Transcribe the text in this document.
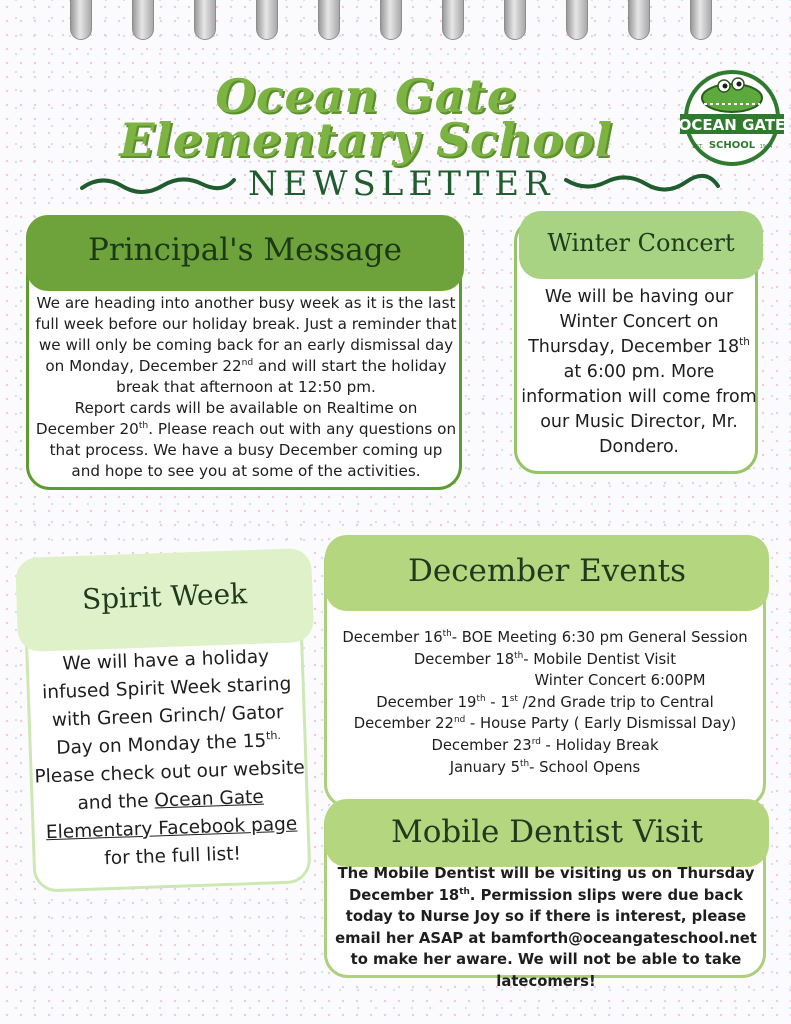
Ocean Gate Elementary School
NEWSLETTER
OCEAN GATE
SCHOOL
EST.	1964
Principal's Message
We are heading into another busy week as it is the last full week before our holiday break. Just a reminder that we will only be coming back for an early dismissal day on Monday, December 22nd and will start the holiday break that afternoon at 12:50 pm.
Report cards will be available on Realtime on December 20th. Please reach out with any questions on that process. We have a busy December coming up and hope to see you at some of the activities.
Winter Concert
We will be having our Winter Concert on Thursday, December 18th at 6:00 pm. More information will come from our Music Director, Mr. Dondero.
Spirit Week
We will have a holiday infused Spirit Week staring with Green Grinch/ Gator Day on Monday the $15^{th.}$ Please check out our website and the Ocean Gate Elementary Facebook page for the full list!
December Events
December 16th- BOE Meeting 6:30 pm General Session
December 18th- Mobile Dentist Visit
Winter Concert 6:00PM
December 19th - 1st /2nd Grade trip to Central
December 22nd - House Party ( Early Dismissal Day)
December 23rd - Holiday Break
January 5th- School Opens
Mobile Dentist Visit
The Mobile Dentist will be visiting us on Thursday December 18th. Permission slips were due back today to Nurse Joy so if there is interest, please email her ASAP at bamforth@oceangateschool.net to make her aware. We will not be able to take latecomers!
